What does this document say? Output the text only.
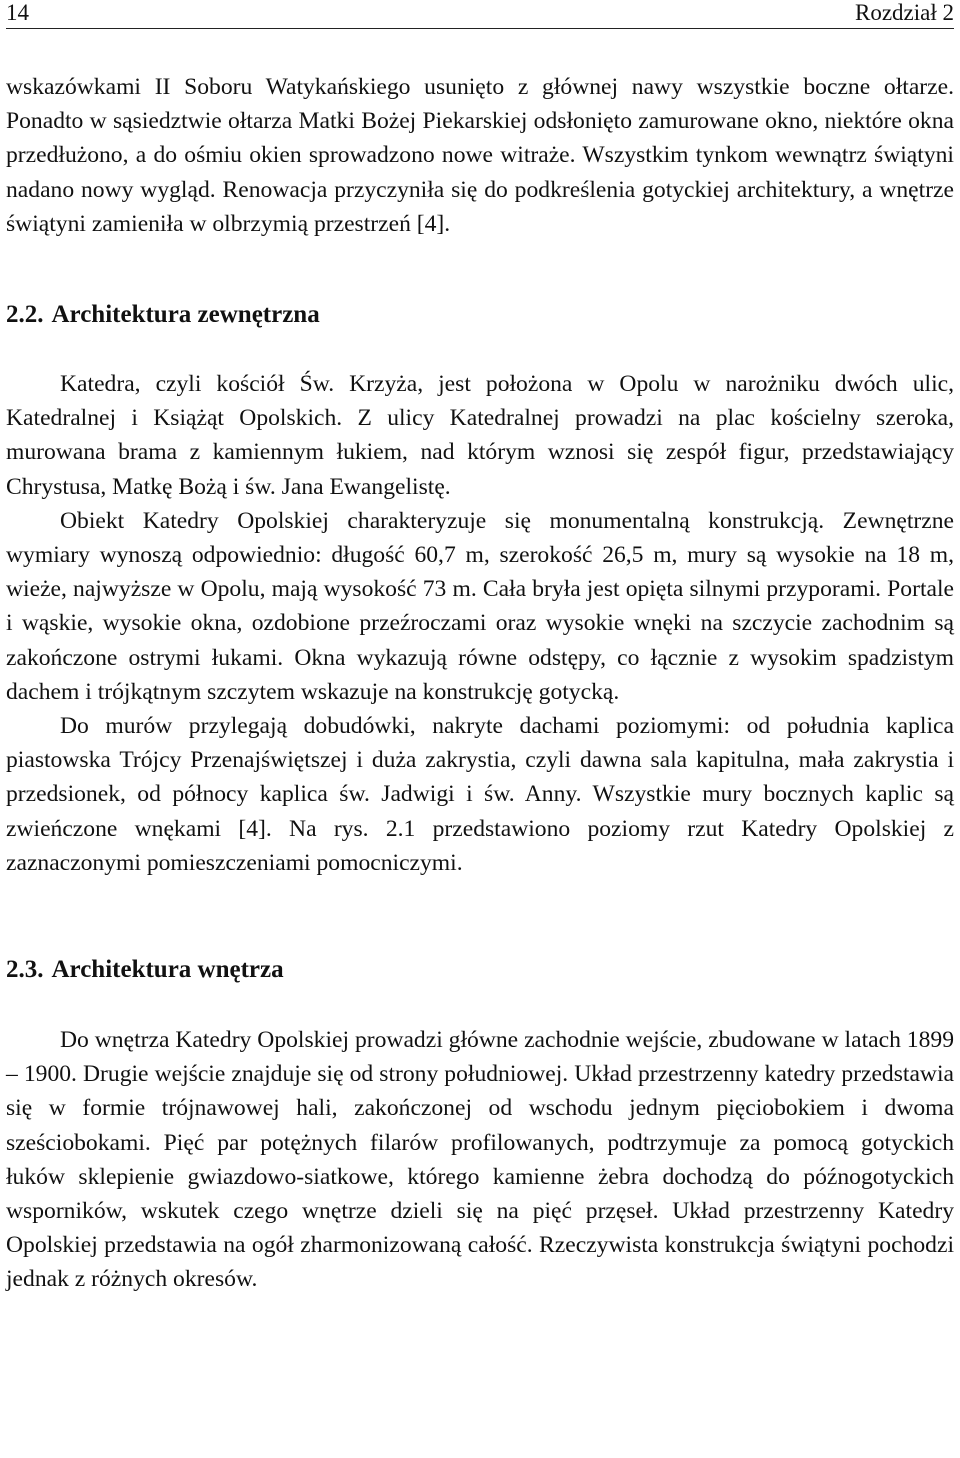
14	Rozdział 2

wskazówkami II Soboru Watykańskiego usunięto z głównej nawy wszystkie boczne ołtarze. Ponadto w sąsiedztwie ołtarza Matki Bożej Piekarskiej odsłonięto zamurowane okno, niektóre okna przedłużono, a do ośmiu okien sprowadzono nowe witraże. Wszystkim tynkom wewnątrz świątyni nadano nowy wygląd. Renowacja przyczyniła się do podkreślenia gotyckiej architektury, a wnętrze świątyni zamieniła w olbrzymią przestrzeń [4].

2.2. Architektura zewnętrzna

Katedra, czyli kościół Św. Krzyża, jest położona w Opolu w narożniku dwóch ulic, Katedralnej i Książąt Opolskich. Z ulicy Katedralnej prowadzi na plac kościelny szeroka, murowana brama z kamiennym łukiem, nad którym wznosi się zespół figur, przedstawiający Chrystusa, Matkę Bożą i św. Jana Ewangelistę.

Obiekt Katedry Opolskiej charakteryzuje się monumentalną konstrukcją. Zewnętrzne wymiary wynoszą odpowiednio: długość 60,7 m, szerokość 26,5 m, mury są wysokie na 18 m, wieże, najwyższe w Opolu, mają wysokość 73 m. Cała bryła jest opięta silnymi przyporami. Portale i wąskie, wysokie okna, ozdobione przeźroczami oraz wysokie wnęki na szczycie zachodnim są zakończone ostrymi łukami. Okna wykazują równe odstępy, co łącznie z wysokim spadzistym dachem i trójkątnym szczytem wskazuje na konstrukcję gotycką.

Do murów przylegają dobudówki, nakryte dachami poziomymi: od południa kaplica piastowska Trójcy Przenajświętszej i duża zakrystia, czyli dawna sala kapitulna, mała zakrystia i przedsionek, od północy kaplica św. Jadwigi i św. Anny. Wszystkie mury bocznych kaplic są zwieńczone wnękami [4]. Na rys. 2.1 przedstawiono poziomy rzut Katedry Opolskiej z zaznaczonymi pomieszczeniami pomocniczymi.

2.3. Architektura wnętrza

Do wnętrza Katedry Opolskiej prowadzi główne zachodnie wejście, zbudowane w latach 1899 – 1900. Drugie wejście znajduje się od strony południowej. Układ przestrzenny katedry przedstawia się w formie trójnawowej hali, zakończonej od wschodu jednym pięciobokiem i dwoma sześciobokami. Pięć par potężnych filarów profilowanych, podtrzymuje za pomocą gotyckich łuków sklepienie gwiazdowo-siatkowe, którego kamienne żebra dochodzą do późnogotyckich wsporników, wskutek czego wnętrze dzieli się na pięć przęseł. Układ przestrzenny Katedry Opolskiej przedstawia na ogół zharmonizowaną całość. Rzeczywista konstrukcja świątyni pochodzi jednak z różnych okresów.
